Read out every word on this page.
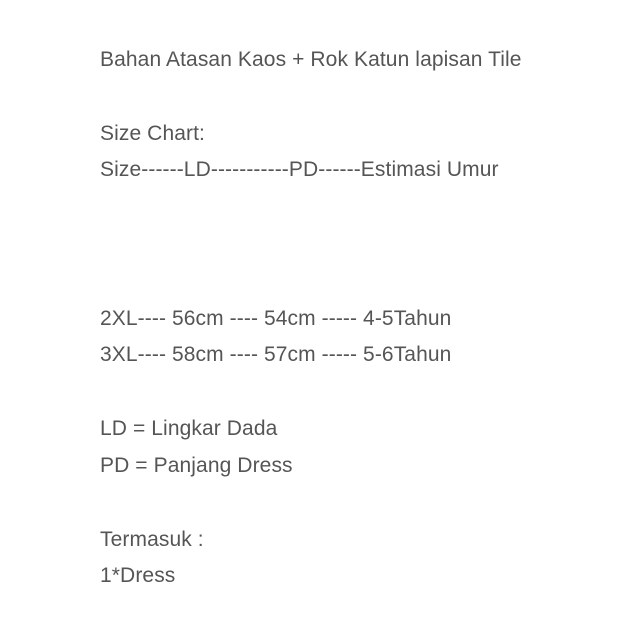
Bahan Atasan Kaos + Rok Katun lapisan Tile
Size Chart:
Size------LD-----------PD------Estimasi Umur
2XL---- 56cm ---- 54cm ----- 4-5Tahun
3XL---- 58cm ---- 57cm ----- 5-6Tahun
LD = Lingkar Dada
PD = Panjang Dress
Termasuk :
1*Dress
